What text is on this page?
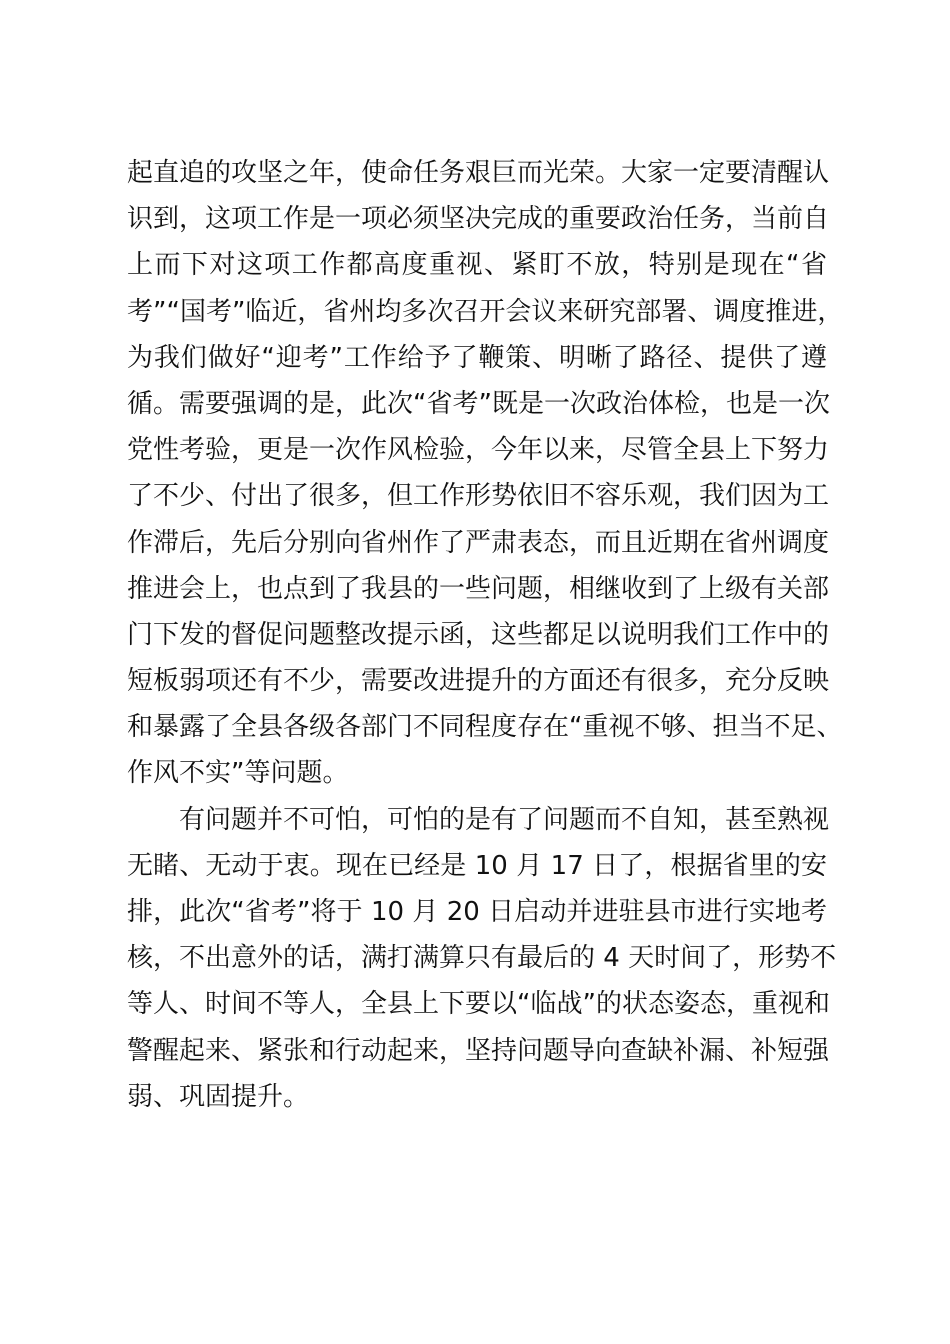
起直追的攻坚之年，使命任务艰巨而光荣。大家一定要清醒认
识到，这项工作是一项必须坚决完成的重要政治任务，当前自
上而下对这项工作都高度重视、紧盯不放，特别是现在“省
考”“国考”临近，省州均多次召开会议来研究部署、调度推进，
为我们做好“迎考”工作给予了鞭策、明晰了路径、提供了遵
循。需要强调的是，此次“省考”既是一次政治体检，也是一次
党性考验，更是一次作风检验，今年以来，尽管全县上下努力
了不少、付出了很多，但工作形势依旧不容乐观，我们因为工
作滞后，先后分别向省州作了严肃表态，而且近期在省州调度
推进会上，也点到了我县的一些问题，相继收到了上级有关部
门下发的督促问题整改提示函，这些都足以说明我们工作中的
短板弱项还有不少，需要改进提升的方面还有很多，充分反映
和暴露了全县各级各部门不同程度存在“重视不够、担当不足、
作风不实”等问题。
有问题并不可怕，可怕的是有了问题而不自知，甚至熟视
无睹、无动于衷。现在已经是 10 月 17 日了，根据省里的安
排，此次“省考”将于 10 月 20 日启动并进驻县市进行实地考
核，不出意外的话，满打满算只有最后的 4 天时间了，形势不
等人、时间不等人，全县上下要以“临战”的状态姿态，重视和
警醒起来、紧张和行动起来，坚持问题导向查缺补漏、补短强
弱、巩固提升。
